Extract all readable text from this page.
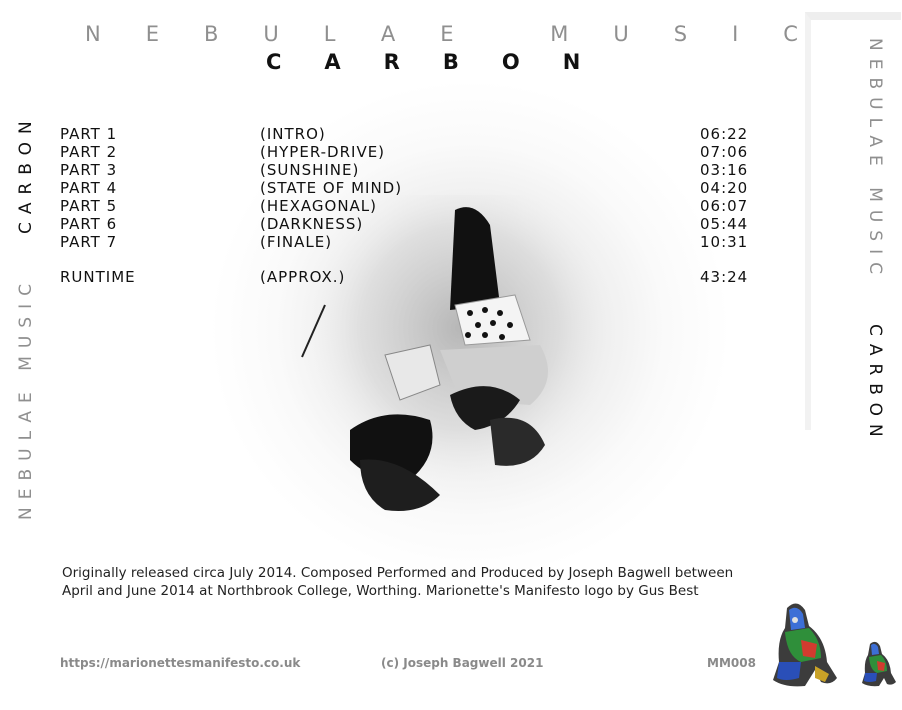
NEBULAE MUSIC
CARBON
NEBULAE MUSICCARBON	NEBULAE MUSICCARBON
PART 1	(INTRO)	06:22
PART 2	(HYPER-DRIVE)	07:06
PART 3	(SUNSHINE)	03:16
PART 4	(STATE OF MIND)	04:20
PART 5	(HEXAGONAL)	06:07
PART 6	(DARKNESS)	05:44
PART 7	(FINALE)	10:31
RUNTIME	(APPROX.)	43:24
Originally released circa July 2014. Composed Performed and Produced by Joseph Bagwell between
April and June 2014 at Northbrook College, Worthing. Marionette's Manifesto logo by Gus Best
https://marionettesmanifesto.co.uk	(c) Joseph Bagwell 2021	MM008
